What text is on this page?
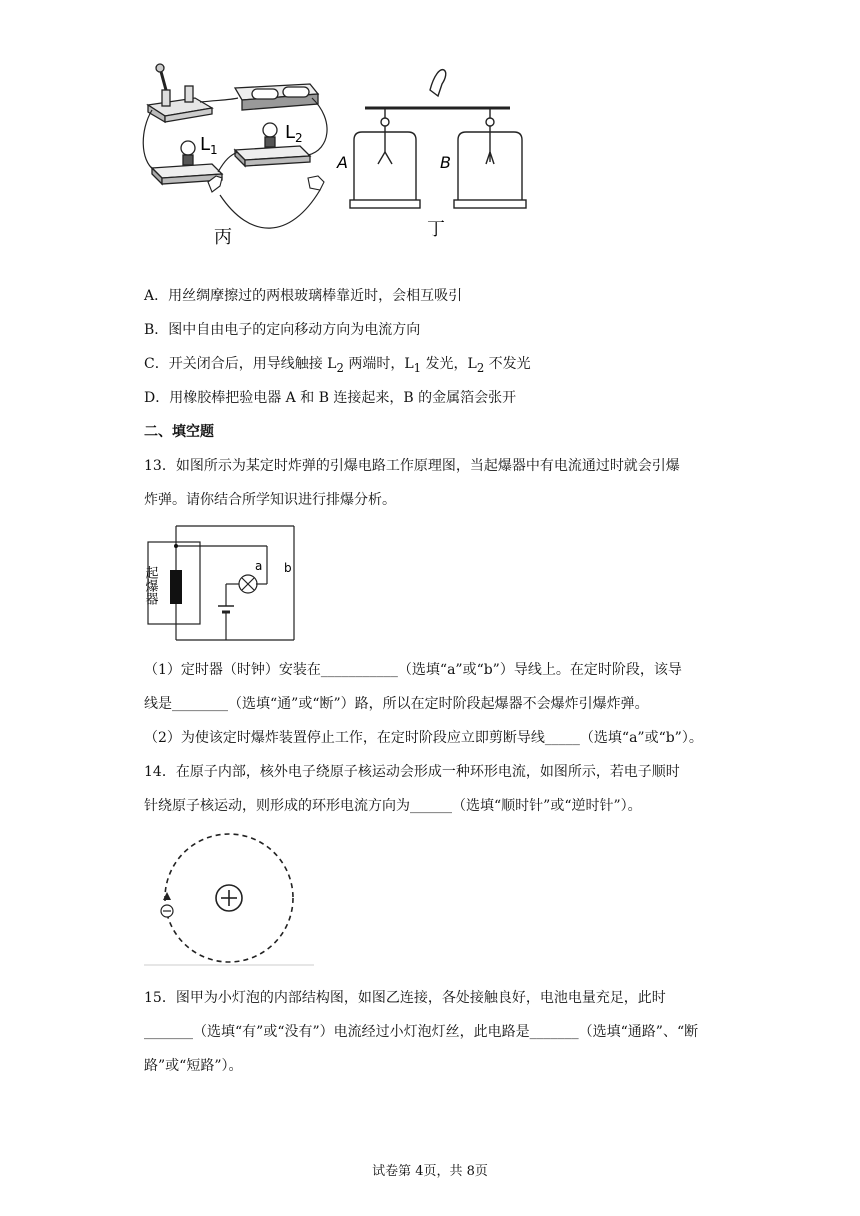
$L_1$
$L_2$
丙
A	B
丁
A．用丝绸摩擦过的两根玻璃棒靠近时，会相互吸引
B．图中自由电子的定向移动方向为电流方向
C．开关闭合后，用导线触接 $L_2$ 两端时，$L_1$ 发光，$L_2$ 不发光
D．用橡胶棒把验电器 A 和 B 连接起来，B 的金属箔会张开
二、填空题
13．如图所示为某定时炸弹的引爆电路工作原理图，当起爆器中有电流通过时就会引爆
炸弹。请你结合所学知识进行排爆分析。
起爆器	a b
（1）定时器（时钟）安装在___________（选填“a”或“b”）导线上。在定时阶段，该导
线是________（选填“通”或“断”）路，所以在定时阶段起爆器不会爆炸引爆炸弹。
（2）为使该定时爆炸装置停止工作，在定时阶段应立即剪断导线_____（选填“a”或“b”）。
14．在原子内部，核外电子绕原子核运动会形成一种环形电流，如图所示，若电子顺时
针绕原子核运动，则形成的环形电流方向为______（选填“顺时针”或“逆时针”）。
15．图甲为小灯泡的内部结构图，如图乙连接，各处接触良好，电池电量充足，此时
_______（选填“有”或“没有”）电流经过小灯泡灯丝，此电路是_______（选填“通路”、“断
路”或“短路”）。
试卷第 4页，共 8页
